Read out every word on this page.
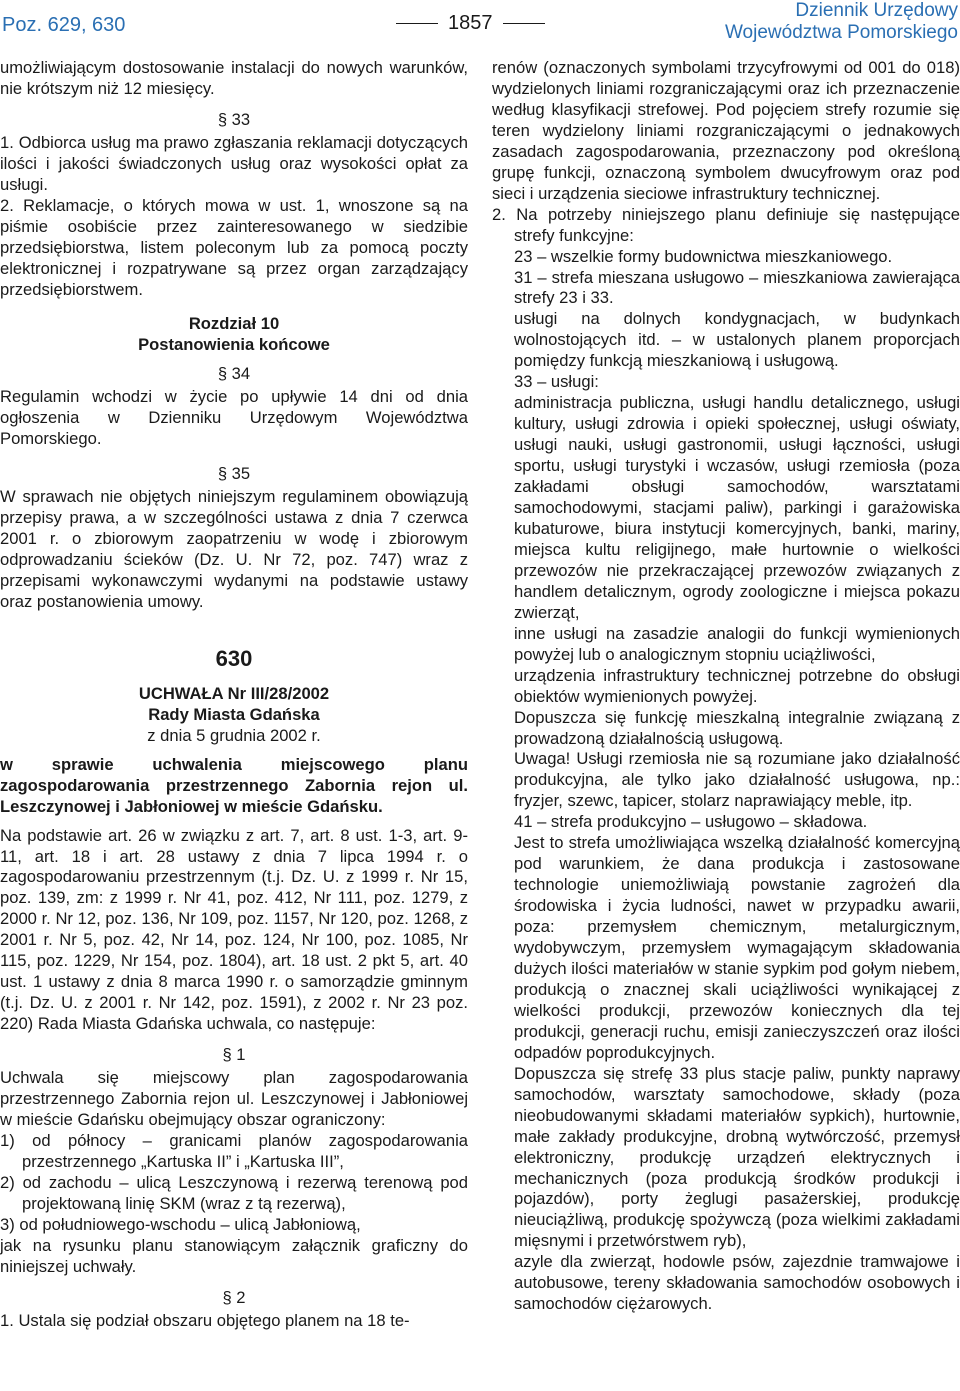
Poz. 629, 630	1857
Dziennik Urzędowy
Województwa Pomorskiego

umożliwiającym dostosowanie instalacji do nowych warunków, nie krótszym niż 12 miesięcy.

§ 33

1. Odbiorca usług ma prawo zgłaszania reklamacji dotyczących ilości i jakości świadczonych usług oraz wysokości opłat za usługi.

2. Reklamacje, o których mowa w ust. 1, wnoszone są na piśmie osobiście przez zainteresowanego w siedzibie przedsiębiorstwa, listem poleconym lub za pomocą poczty elektronicznej i rozpatrywane są przez organ zarządzający przedsiębiorstwem.

Rozdział 10
Postanowienia końcowe
§ 34

Regulamin wchodzi w życie po upływie 14 dni od dnia ogłoszenia w Dzienniku Urzędowym Województwa Pomorskiego.

§ 35

W sprawach nie objętych niniejszym regulaminem obowiązują przepisy prawa, a w szczególności ustawa z dnia 7 czerwca 2001 r. o zbiorowym zaopatrzeniu w wodę i zbiorowym odprowadzaniu ścieków (Dz. U. Nr 72, poz. 747) wraz z przepisami wykonawczymi wydanymi na podstawie ustawy oraz postanowienia umowy.

630
UCHWAŁA Nr III/28/2002
Rady Miasta Gdańska
z dnia 5 grudnia 2002 r.

w sprawie uchwalenia miejscowego planu zagospodarowania przestrzennego Zabornia rejon ul. Leszczynowej i Jabłoniowej w mieście Gdańsku.

Na podstawie art. 26 w związku z art. 7, art. 8 ust. 1-3, art. 9-11, art. 18 i art. 28 ustawy z dnia 7 lipca 1994 r. o zagospodarowaniu przestrzennym (t.j. Dz. U. z 1999 r. Nr 15, poz. 139, zm: z 1999 r. Nr 41, poz. 412, Nr 111, poz. 1279, z 2000 r. Nr 12, poz. 136, Nr 109, poz. 1157, Nr 120, poz. 1268, z 2001 r. Nr 5, poz. 42, Nr 14, poz. 124, Nr 100, poz. 1085, Nr 115, poz. 1229, Nr 154, poz. 1804), art. 18 ust. 2 pkt 5, art. 40 ust. 1 ustawy z dnia 8 marca 1990 r. o samorządzie gminnym (t.j. Dz. U. z 2001 r. Nr 142, poz. 1591), z 2002 r. Nr 23 poz. 220) Rada Miasta Gdańska uchwala, co następuje:

§ 1

Uchwala się miejscowy plan zagospodarowania przestrzennego Zabornia rejon ul. Leszczynowej i Jabłoniowej w mieście Gdańsku obejmujący obszar ograniczony:

1) od północy – granicami planów zagospodarowania przestrzennego „Kartuska II” i „Kartuska III”,

2) od zachodu – ulicą Leszczynową i rezerwą terenową pod projektowaną linię SKM (wraz z tą rezerwą),

3) od południowego-wschodu – ulicą Jabłoniową,

jak na rysunku planu stanowiącym załącznik graficzny do niniejszej uchwały.

§ 2

1. Ustala się podział obszaru objętego planem na 18 te-

renów (oznaczonych symbolami trzycyfrowymi od 001 do 018) wydzielonych liniami rozgraniczającymi oraz ich przeznaczenie według klasyfikacji strefowej. Pod pojęciem strefy rozumie się teren wydzielony liniami rozgraniczającymi o jednakowych zasadach zagospodarowania, przeznaczony pod określoną grupę funkcji, oznaczoną symbolem dwucyfrowym oraz pod sieci i urządzenia sieciowe infrastruktury technicznej.

2. Na potrzeby niniejszego planu definiuje się następujące strefy funkcyjne:

23 – wszelkie formy budownictwa mieszkaniowego.

31 – strefa mieszana usługowo – mieszkaniowa zawierająca strefy 23 i 33.

usługi na dolnych kondygnacjach, w budynkach wolnostojących itd. – w ustalonych planem proporcjach pomiędzy funkcją mieszkaniową i usługową.

33 – usługi:

administracja publiczna, usługi handlu detalicznego, usługi kultury, usługi zdrowia i opieki społecznej, usługi oświaty, usługi nauki, usługi gastronomii, usługi łączności, usługi sportu, usługi turystyki i wczasów, usługi rzemiosła (poza zakładami obsługi samochodów, warsztatami samochodowymi, stacjami paliw), parkingi i garażowiska kubaturowe, biura instytucji komercyjnych, banki, mariny, miejsca kultu religijnego, małe hurtownie o wielkości przewozów nie przekraczającej przewozów związanych z handlem detalicznym, ogrody zoologiczne i miejsca pokazu zwierząt,

inne usługi na zasadzie analogii do funkcji wymienionych powyżej lub o analogicznym stopniu uciążliwości,

urządzenia infrastruktury technicznej potrzebne do obsługi obiektów wymienionych powyżej.

Dopuszcza się funkcję mieszkalną integralnie związaną z prowadzoną działalnością usługową.

Uwaga! Usługi rzemiosła nie są rozumiane jako działalność produkcyjna, ale tylko jako działalność usługowa, np.: fryzjer, szewc, tapicer, stolarz naprawiający meble, itp.

41 – strefa produkcyjno – usługowo – składowa.

Jest to strefa umożliwiająca wszelką działalność komercyjną pod warunkiem, że dana produkcja i zastosowane technologie uniemożliwiają powstanie zagrożeń dla środowiska i życia ludności, nawet w przypadku awarii, poza: przemysłem chemicznym, metalurgicznym, wydobywczym, przemysłem wymagającym składowania dużych ilości materiałów w stanie sypkim pod gołym niebem, produkcją o znacznej skali uciążliwości wynikającej z wielkości produkcji, przewozów koniecznych dla tej produkcji, generacji ruchu, emisji zanieczyszczeń oraz ilości odpadów poprodukcyjnych.

Dopuszcza się strefę 33 plus stacje paliw, punkty naprawy samochodów, warsztaty samochodowe, składy (poza nieobudowanymi składami materiałów sypkich), hurtownie, małe zakłady produkcyjne, drobną wytwórczość, przemysł elektroniczny, produkcję urządzeń elektrycznych i mechanicznych (poza produkcją środków produkcji i pojazdów), porty żeglugi pasażerskiej, produkcję nieuciążliwą, produkcję spożywczą (poza wielkimi zakładami mięsnymi i przetwórstwem ryb),

azyle dla zwierząt, hodowle psów, zajezdnie tramwajowe i autobusowe, tereny składowania samochodów osobowych i samochodów ciężarowych.
